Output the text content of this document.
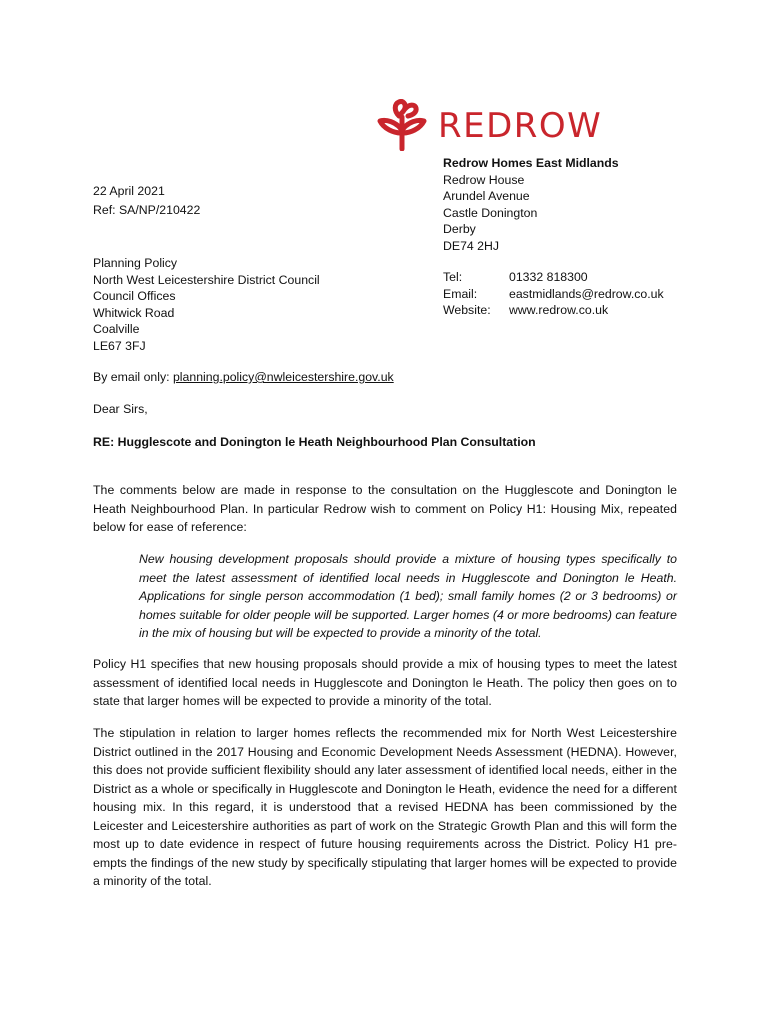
REDROW
Redrow Homes East Midlands
Redrow House
Arundel Avenue
Castle Donington
Derby
DE74 2HJ
Tel:	01332 818300
Email:	eastmidlands@redrow.co.uk
Website:	www.redrow.co.uk
22 April 2021
Ref: SA/NP/210422
Planning Policy
North West Leicestershire District Council
Council Offices
Whitwick Road
Coalville
LE67 3FJ
By email only: planning.policy@nwleicestershire.gov.uk
Dear Sirs,
RE: Hugglescote and Donington le Heath Neighbourhood Plan Consultation
The comments below are made in response to the consultation on the Hugglescote and Donington le Heath Neighbourhood Plan. In particular Redrow wish to comment on Policy H1: Housing Mix, repeated below for ease of reference:
New housing development proposals should provide a mixture of housing types specifically to meet the latest assessment of identified local needs in Hugglescote and Donington le Heath. Applications for single person accommodation (1 bed); small family homes (2 or 3 bedrooms) or homes suitable for older people will be supported. Larger homes (4 or more bedrooms) can feature in the mix of housing but will be expected to provide a minority of the total.
Policy H1 specifies that new housing proposals should provide a mix of housing types to meet the latest assessment of identified local needs in Hugglescote and Donington le Heath. The policy then goes on to state that larger homes will be expected to provide a minority of the total.
The stipulation in relation to larger homes reflects the recommended mix for North West Leicestershire District outlined in the 2017 Housing and Economic Development Needs Assessment (HEDNA). However, this does not provide sufficient flexibility should any later assessment of identified local needs, either in the District as a whole or specifically in Hugglescote and Donington le Heath, evidence the need for a different housing mix. In this regard, it is understood that a revised HEDNA has been commissioned by the Leicester and Leicestershire authorities as part of work on the Strategic Growth Plan and this will form the most up to date evidence in respect of future housing requirements across the District. Policy H1 pre-empts the findings of the new study by specifically stipulating that larger homes will be expected to provide a minority of the total.
